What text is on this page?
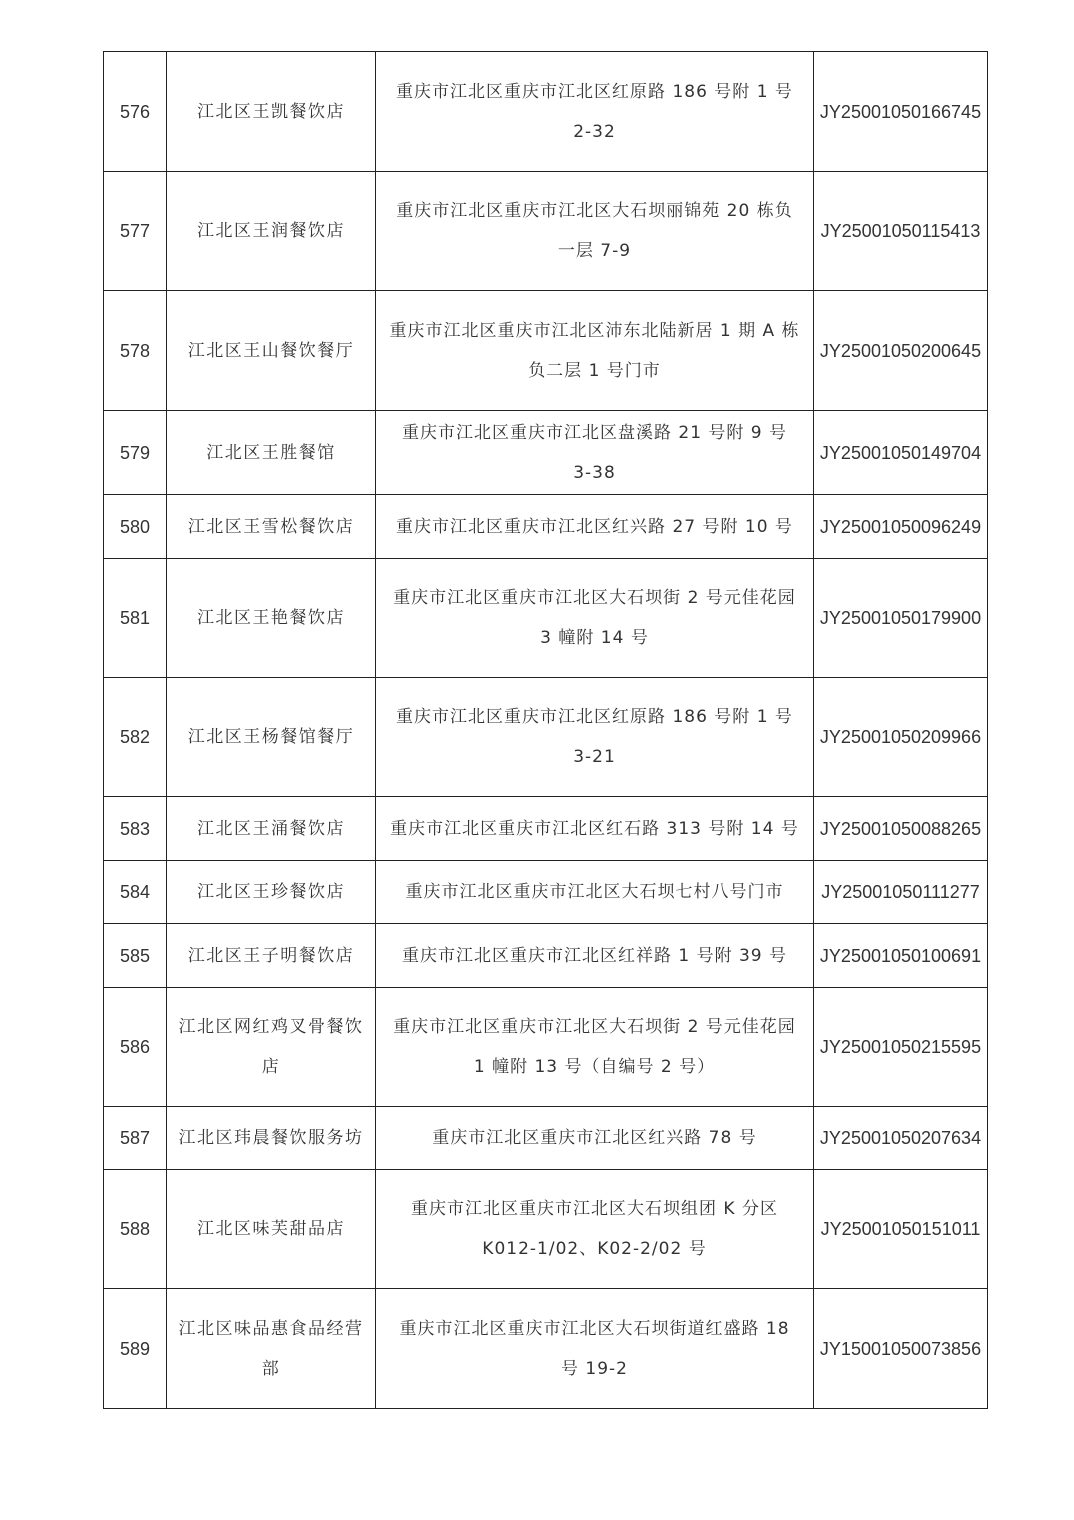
576	江北区王凯餐饮店	重庆市江北区重庆市江北区红原路 186 号附 1 号
2-32	JY25001050166745
577	江北区王润餐饮店	重庆市江北区重庆市江北区大石坝丽锦苑 20 栋负
一层 7-9	JY25001050115413
578	江北区王山餐饮餐厅	重庆市江北区重庆市江北区沛东北陆新居 1 期 A 栋
负二层 1 号门市	JY25001050200645
579	江北区王胜餐馆	重庆市江北区重庆市江北区盘溪路 21 号附 9 号
3-38	JY25001050149704
580	江北区王雪松餐饮店	重庆市江北区重庆市江北区红兴路 27 号附 10 号	JY25001050096249
581	江北区王艳餐饮店	重庆市江北区重庆市江北区大石坝街 2 号元佳花园
3 幢附 14 号	JY25001050179900
582	江北区王杨餐馆餐厅	重庆市江北区重庆市江北区红原路 186 号附 1 号
3-21	JY25001050209966
583	江北区王涌餐饮店	重庆市江北区重庆市江北区红石路 313 号附 14 号	JY25001050088265
584	江北区王珍餐饮店	重庆市江北区重庆市江北区大石坝七村八号门市	JY25001050111277
585	江北区王子明餐饮店	重庆市江北区重庆市江北区红祥路 1 号附 39 号	JY25001050100691
586	江北区网红鸡叉骨餐饮店	重庆市江北区重庆市江北区大石坝街 2 号元佳花园
1 幢附 13 号（自编号 2 号）	JY25001050215595
587	江北区玮晨餐饮服务坊	重庆市江北区重庆市江北区红兴路 78 号	JY25001050207634
588	江北区味芙甜品店	重庆市江北区重庆市江北区大石坝组团 K 分区
K012-1/02、K02-2/02 号	JY25001050151011
589	江北区味品惠食品经营部	重庆市江北区重庆市江北区大石坝街道红盛路 18
号 19-2	JY15001050073856
